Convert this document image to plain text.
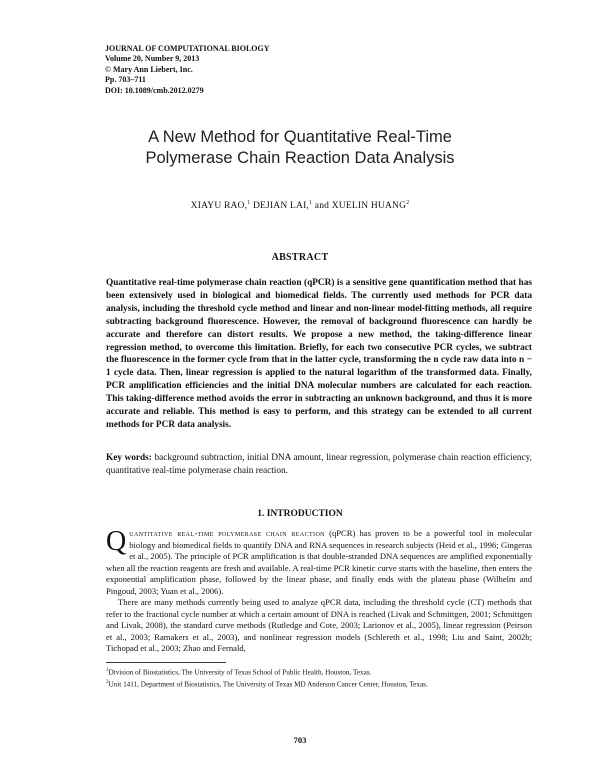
JOURNAL OF COMPUTATIONAL BIOLOGY
Volume 20, Number 9, 2013
© Mary Ann Liebert, Inc.
Pp. 703–711
DOI: 10.1089/cmb.2012.0279
A New Method for Quantitative Real-Time
Polymerase Chain Reaction Data Analysis
XIAYU RAO,$^1$ DEJIAN LAI,$^1$ and XUELIN HUANG$^2$
ABSTRACT
Quantitative real-time polymerase chain reaction (qPCR) is a sensitive gene quantification method that has been extensively used in biological and biomedical fields. The currently used methods for PCR data analysis, including the threshold cycle method and linear and non-linear model-fitting methods, all require subtracting background fluorescence. However, the removal of background fluorescence can hardly be accurate and therefore can distort results. We propose a new method, the taking-difference linear regression method, to overcome this limitation. Briefly, for each two consecutive PCR cycles, we subtract the fluorescence in the former cycle from that in the latter cycle, transforming the n cycle raw data into n − 1 cycle data. Then, linear regression is applied to the natural logarithm of the transformed data. Finally, PCR amplification efficiencies and the initial DNA molecular numbers are calculated for each reaction. This taking-difference method avoids the error in subtracting an unknown background, and thus it is more accurate and reliable. This method is easy to perform, and this strategy can be extended to all current methods for PCR data analysis.
Key words: background subtraction, initial DNA amount, linear regression, polymerase chain reaction efficiency, quantitative real-time polymerase chain reaction.
1. INTRODUCTION

Quantitative real-time polymerase chain reaction (qPCR) has proven to be a powerful tool in molecular biology and biomedical fields to quantify DNA and RNA sequences in research subjects (Heid et al., 1996; Gingeras et al., 2005). The principle of PCR amplification is that double-stranded DNA sequences are amplified exponentially when all the reaction reagents are fresh and available. A real-time PCR kinetic curve starts with the baseline, then enters the exponential amplification phase, followed by the linear phase, and finally ends with the plateau phase (Wilhelm and Pingoud, 2003; Yuan et al., 2006).

There are many methods currently being used to analyze qPCR data, including the threshold cycle (CT) methods that refer to the fractional cycle number at which a certain amount of DNA is reached (Livak and Schmittgen, 2001; Schmittgen and Livak, 2008), the standard curve methods (Rutledge and Cote, 2003; Larionov et al., 2005), linear regression (Peirson et al., 2003; Ramakers et al., 2003), and nonlinear regression models (Schlereth et al., 1998; Liu and Saint, 2002b; Tichopad et al., 2003; Zhao and Fernald,

$^1$Division of Biostatistics, The University of Texas School of Public Health, Houston, Texas.
$^2$Unit 1411, Department of Biostatistics, The University of Texas MD Anderson Cancer Center, Houston, Texas.
703
